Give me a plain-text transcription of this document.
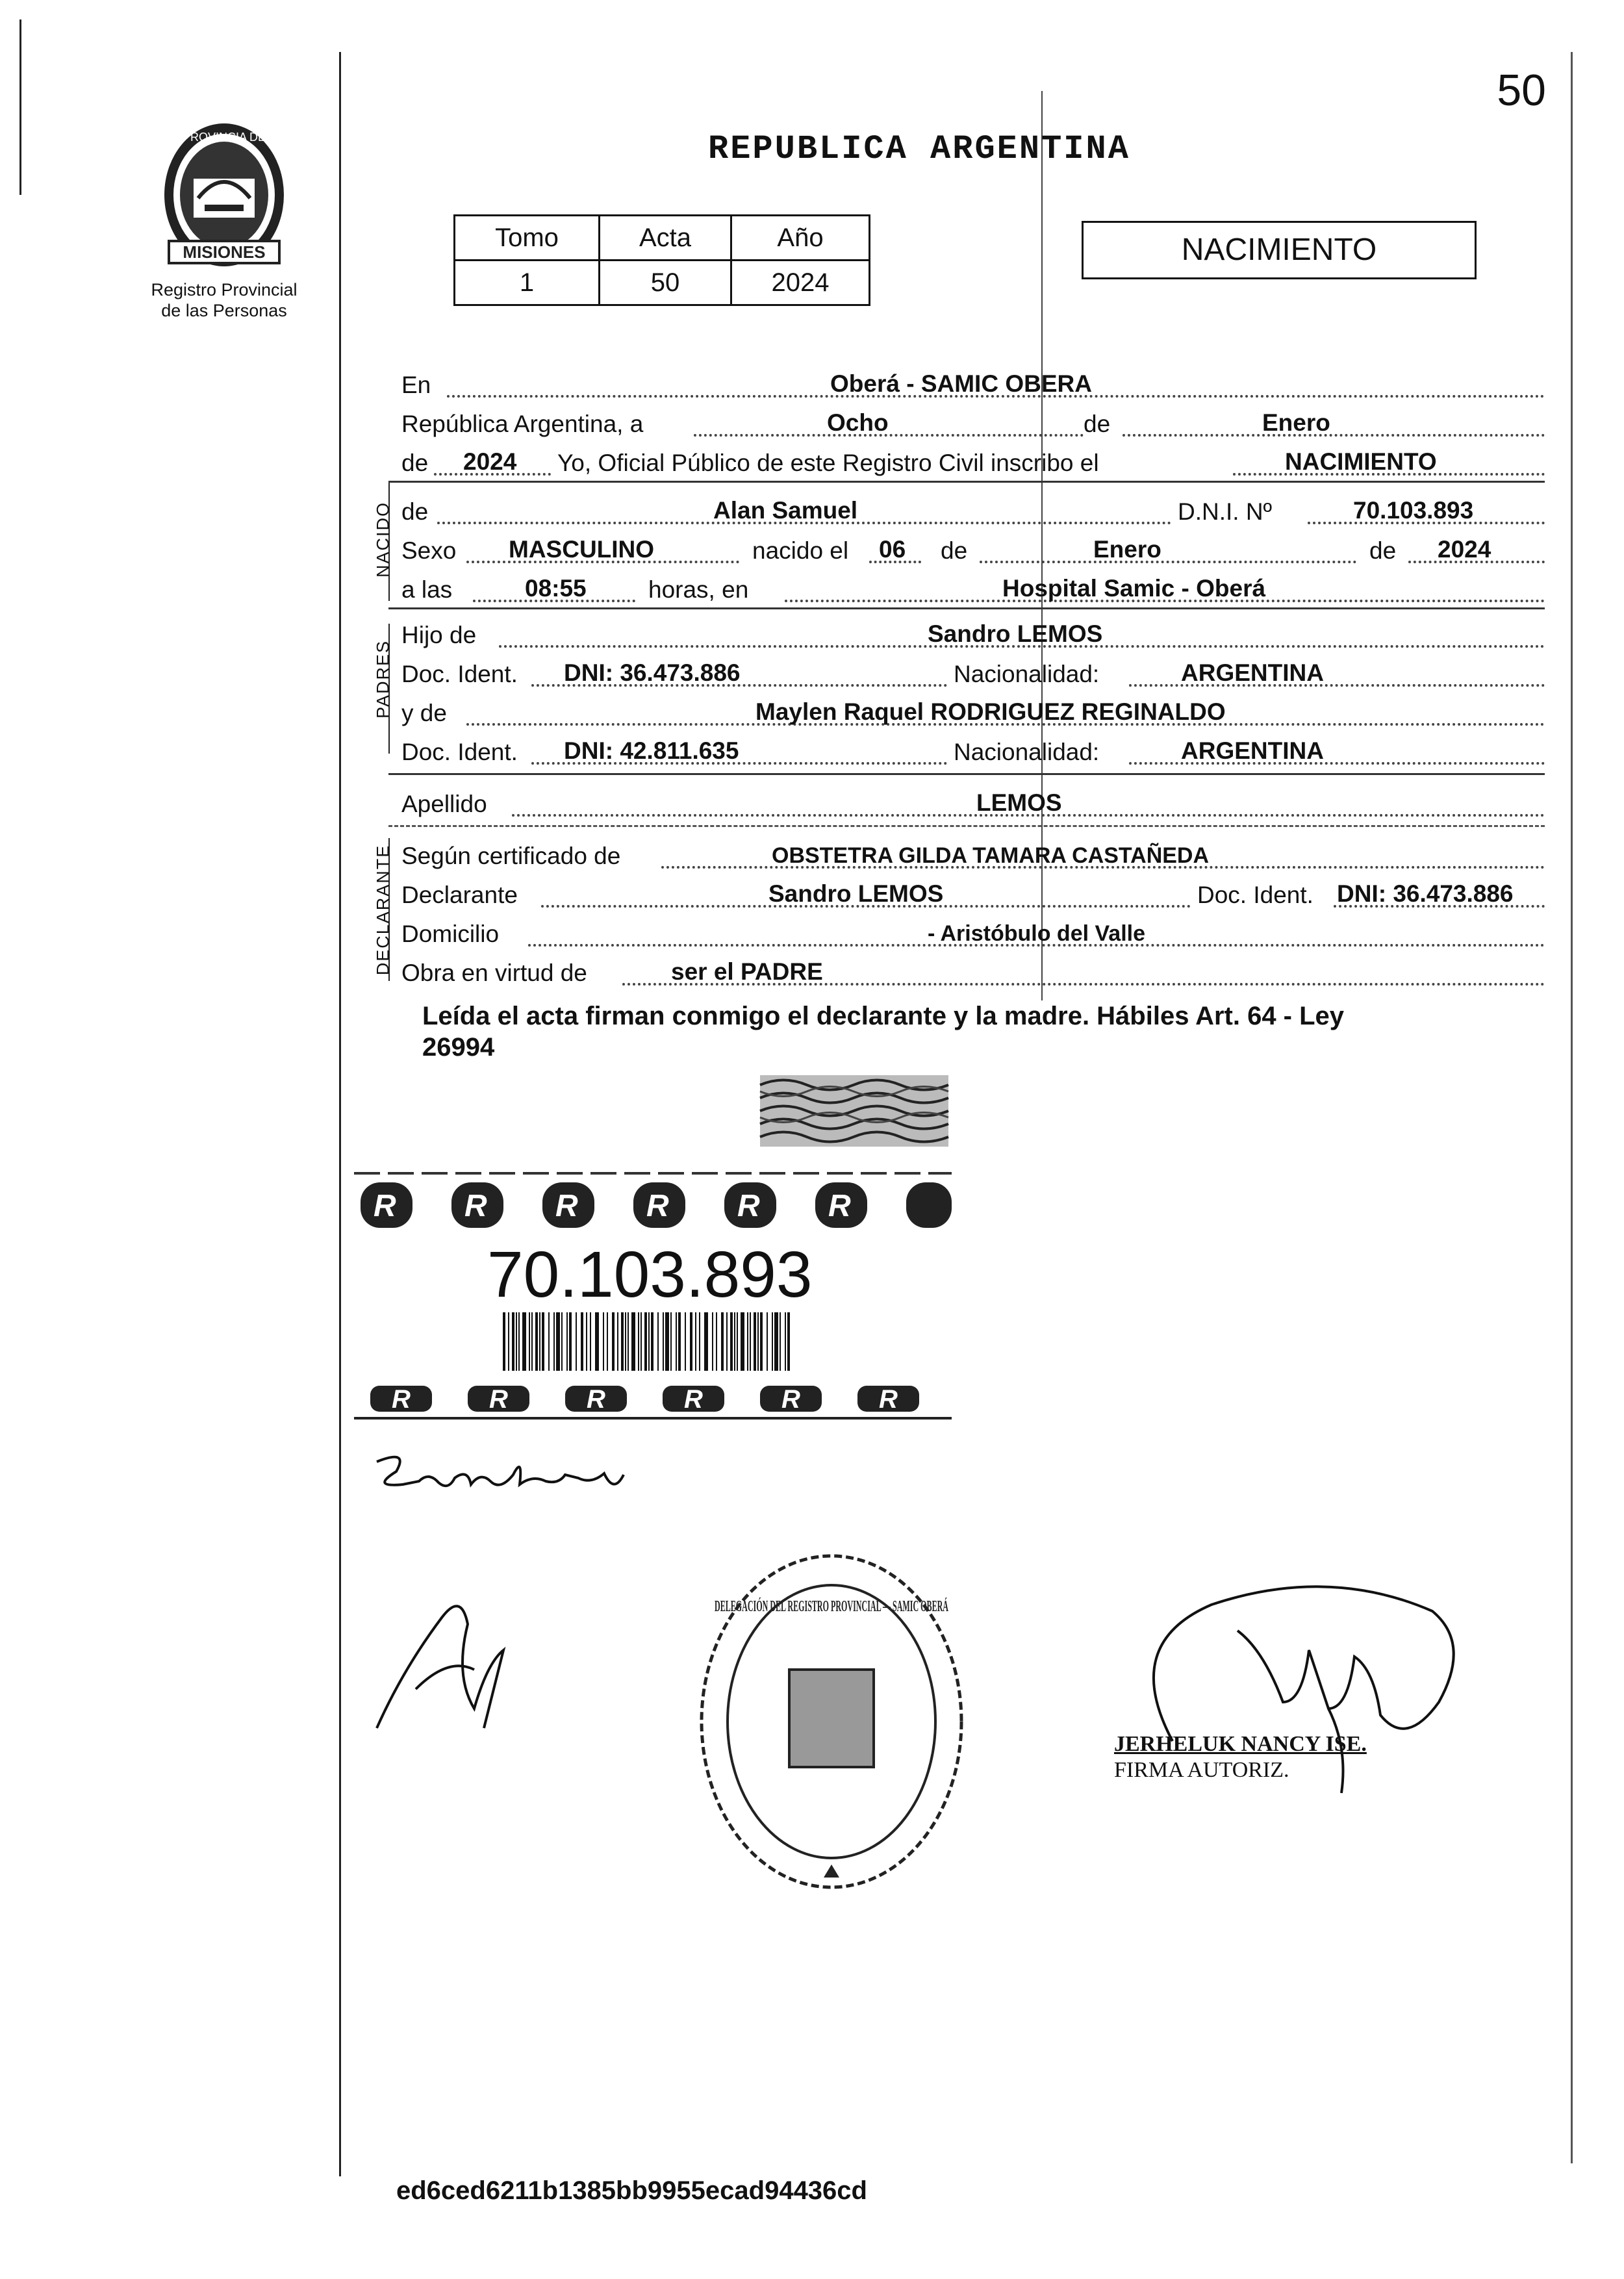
PROVINCIA DE
MISIONES
Registro Provincial
de las Personas
50
REPUBLICA ARGENTINA
Tomo	Acta	Año
1	50	2024
NACIMIENTO
NACIDO
PADRES
DECLARANTE
En	Oberá - SAMIC OBERA
República Argentina, a	Ocho	de	Enero
de 2024 Yo, Oficial Público de este Registro Civil inscribo el	NACIMIENTO
de	Alan Samuel	D.N.I. Nº	70.103.893
Sexo MASCULINO	nacido el 06 de	Enero	de 2024
a las	08:55	horas, en	Hospital Samic - Oberá
Hijo de	Sandro LEMOS
Doc. Ident. DNI: 36.473.886	Nacionalidad:	ARGENTINA
y de	Maylen Raquel RODRIGUEZ REGINALDO
Doc. Ident. DNI: 42.811.635	Nacionalidad:	ARGENTINA
Apellido	LEMOS
Según certificado de	OBSTETRA GILDA TAMARA CASTAÑEDA
Declarante	Sandro LEMOS	Doc. Ident. DNI: 36.473.886
Domicilio	- Aristóbulo del Valle
Obra en virtud de	ser el PADRE
Leída el acta firman conmigo el declarante y la madre. Hábiles Art. 64 - Ley
26994
R R R R R R
70.103.893
R	R	R	R	R	R
DELEGACIÓN DEL REGISTRO PROVINCIAL — SAMIC OBERÁ
JERHELUK NANCY ISE.
FIRMA AUTORIZ.
ed6ced6211b1385bb9955ecad94436cd
